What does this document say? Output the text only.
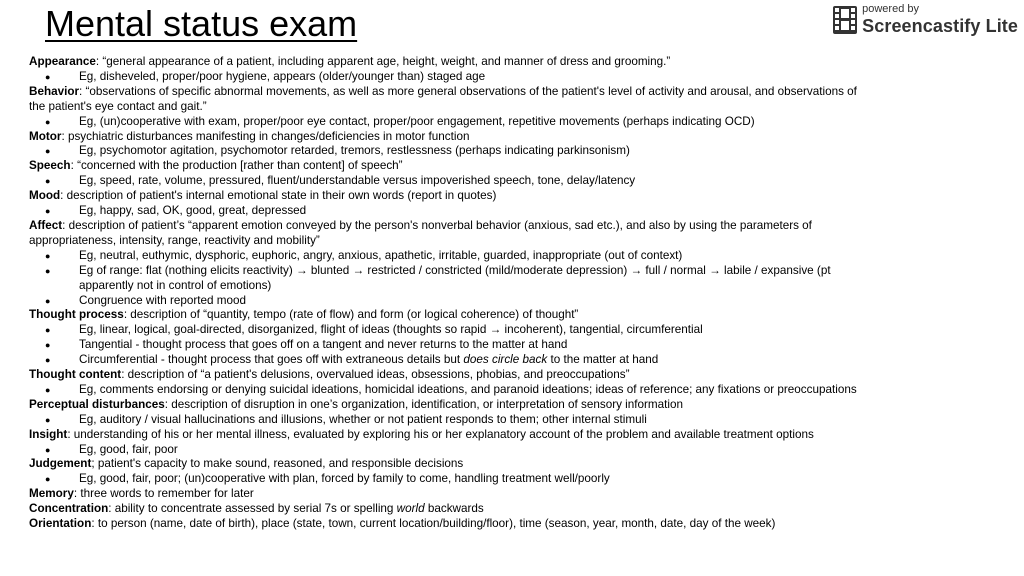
Mental status exam	powered by
Screencastify Lite
Appearance: “general appearance of a patient, including apparent age, height, weight, and manner of dress and grooming.”
● Eg, disheveled, proper/poor hygiene, appears (older/younger than) staged age
Behavior: “observations of specific abnormal movements, as well as more general observations of the patient's level of activity and arousal, and observations of the patient's eye contact and gait.”
● Eg, (un)cooperative with exam, proper/poor eye contact, proper/poor engagement, repetitive movements (perhaps indicating OCD)
Motor: psychiatric disturbances manifesting in changes/deficiencies in motor function
● Eg, psychomotor agitation, psychomotor retarded, tremors, restlessness (perhaps indicating parkinsonism)
Speech: “concerned with the production [rather than content] of speech”
● Eg, speed, rate, volume, pressured, fluent/understandable versus impoverished speech, tone, delay/latency
Mood: description of patient's internal emotional state in their own words (report in quotes)
● Eg, happy, sad, OK, good, great, depressed
Affect: description of patient’s “apparent emotion conveyed by the person's nonverbal behavior (anxious, sad etc.), and also by using the parameters of appropriateness, intensity, range, reactivity and mobility”
● Eg, neutral, euthymic, dysphoric, euphoric, angry, anxious, apathetic, irritable, guarded, inappropriate (out of context)
● Eg of range: flat (nothing elicits reactivity) → blunted → restricted / constricted (mild/moderate depression) → full / normal → labile / expansive (pt apparently not in control of emotions)
● Congruence with reported mood
Thought process: description of “quantity, tempo (rate of flow) and form (or logical coherence) of thought”
● Eg, linear, logical, goal-directed, disorganized, flight of ideas (thoughts so rapid → incoherent), tangential, circumferential
● Tangential - thought process that goes off on a tangent and never returns to the matter at hand
● Circumferential - thought process that goes off with extraneous details but does circle back to the matter at hand
Thought content: description of “a patient's delusions, overvalued ideas, obsessions, phobias, and preoccupations”
● Eg, comments endorsing or denying suicidal ideations, homicidal ideations, and paranoid ideations; ideas of reference; any fixations or preoccupations
Perceptual disturbances: description of disruption in one’s organization, identification, or interpretation of sensory information
● Eg, auditory / visual hallucinations and illusions, whether or not patient responds to them; other internal stimuli
Insight: understanding of his or her mental illness, evaluated by exploring his or her explanatory account of the problem and available treatment options
● Eg, good, fair, poor
Judgement; patient's capacity to make sound, reasoned, and responsible decisions
● Eg, good, fair, poor; (un)cooperative with plan, forced by family to come, handling treatment well/poorly
Memory: three words to remember for later
Concentration: ability to concentrate assessed by serial 7s or spelling world backwards
Orientation: to person (name, date of birth), place (state, town, current location/building/floor), time (season, year, month, date, day of the week)
